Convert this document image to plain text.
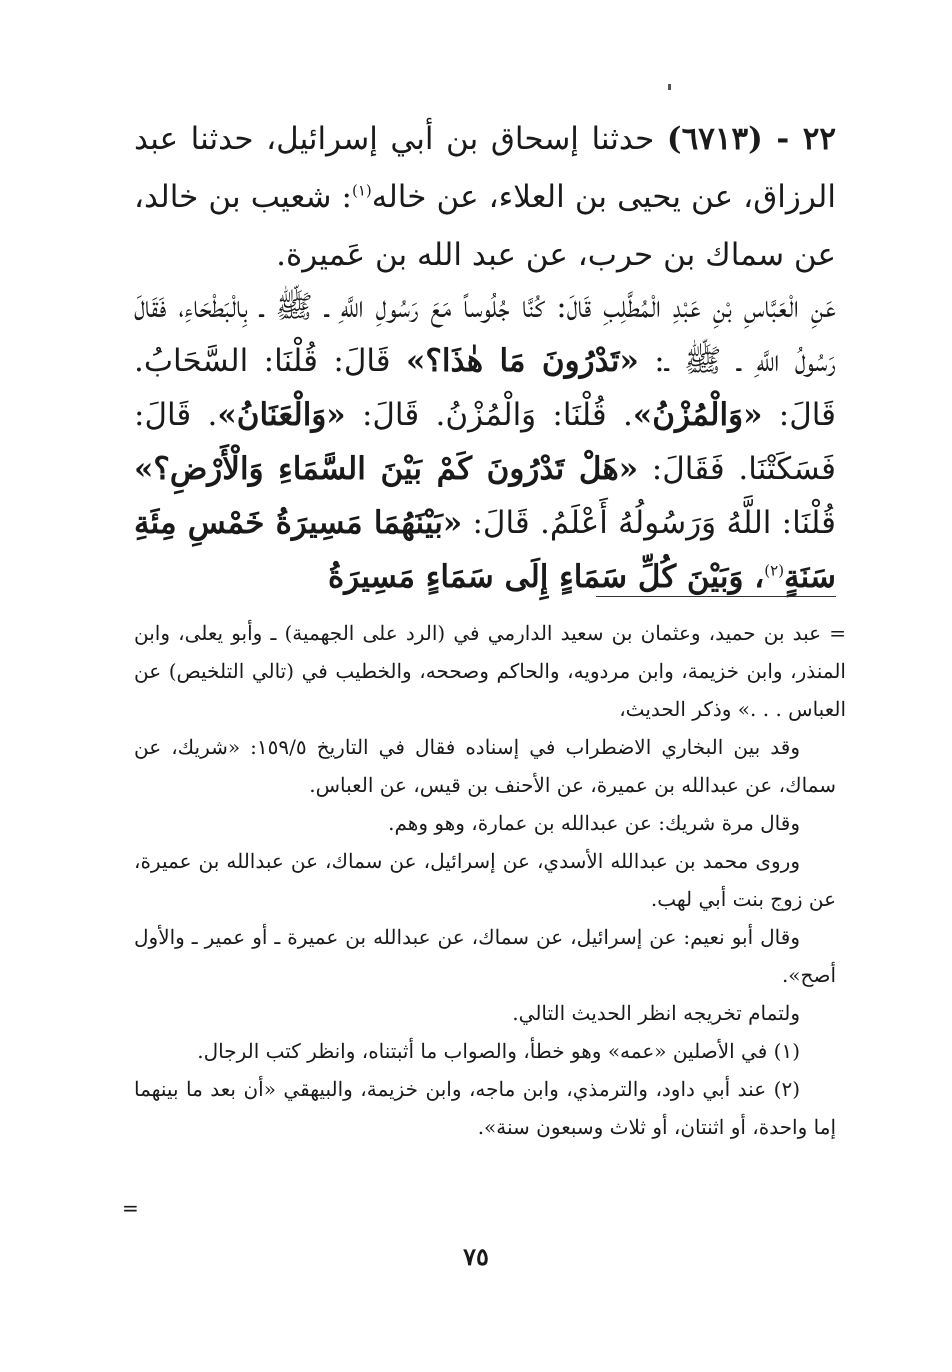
٢٢ - (٦٧١٣) حدثنا إسحاق بن أبي إسرائيل، حدثنا عبد الرزاق، عن يحيى بن العلاء، عن خاله$^{(١)}$: شعيب بن خالد، عن سماك بن حرب، عن عبد الله بن عَميرة.
عَنِ الْعَبَّاسِ بْنِ عَبْدِ الْمُطَّلِبِ قَالَ: كُنَّا جُلُوساً مَعَ رَسُولِ اللَّهِ ـ ﷺ ـ بِالْبَطْحَاءِ، فَقَالَ رَسُولُ اللَّهِ ـ ﷺ ـ: «تَدْرُونَ مَا هٰذَا؟» قَالَ: قُلْنَا: السَّحَابُ. قَالَ: «وَالْمُزْنُ». قُلْنَا: وَالْمُزْنُ. قَالَ: «وَالْعَنَانُ». قَالَ: فَسَكَتْنَا. فَقَالَ: «هَلْ تَدْرُونَ كَمْ بَيْنَ السَّمَاءِ وَالْأَرْضِ؟» قُلْنَا: اللَّهُ وَرَسُولُهُ أَعْلَمُ. قَالَ: «بَيْنَهُمَا مَسِيرَةُ خَمْسِ مِئَةِ سَنَةٍ$^{(٢)}$، وَبَيْنَ كُلِّ سَمَاءٍ إِلَى سَمَاءٍ مَسِيرَةُ

= عبد بن حميد، وعثمان بن سعيد الدارمي في (الرد على الجهمية) ـ وأبو يعلى، وابن المنذر، وابن خزيمة، وابن مردويه، والحاكم وصححه، والخطيب في (تالي التلخيص) عن العباس . . .» وذكر الحديث،

وقد بين البخاري الاضطراب في إسناده فقال في التاريخ ١٥٩/٥: «شريك، عن سماك، عن عبدالله بن عميرة، عن الأحنف بن قيس، عن العباس.

وقال مرة شريك: عن عبدالله بن عمارة، وهو وهم.

وروى محمد بن عبدالله الأسدي، عن إسرائيل، عن سماك، عن عبدالله بن عميرة، عن زوج بنت أبي لهب.

وقال أبو نعيم: عن إسرائيل، عن سماك، عن عبدالله بن عميرة ـ أو عمير ـ والأول أصح».

ولتمام تخريجه انظر الحديث التالي.

(١) في الأصلين «عمه» وهو خطأ، والصواب ما أثبتناه، وانظر كتب الرجال.

(٢) عند أبي داود، والترمذي، وابن ماجه، وابن خزيمة، والبيهقي «أن بعد ما بينهما إما واحدة، أو اثنتان، أو ثلاث وسبعون سنة».

=
٧٥
